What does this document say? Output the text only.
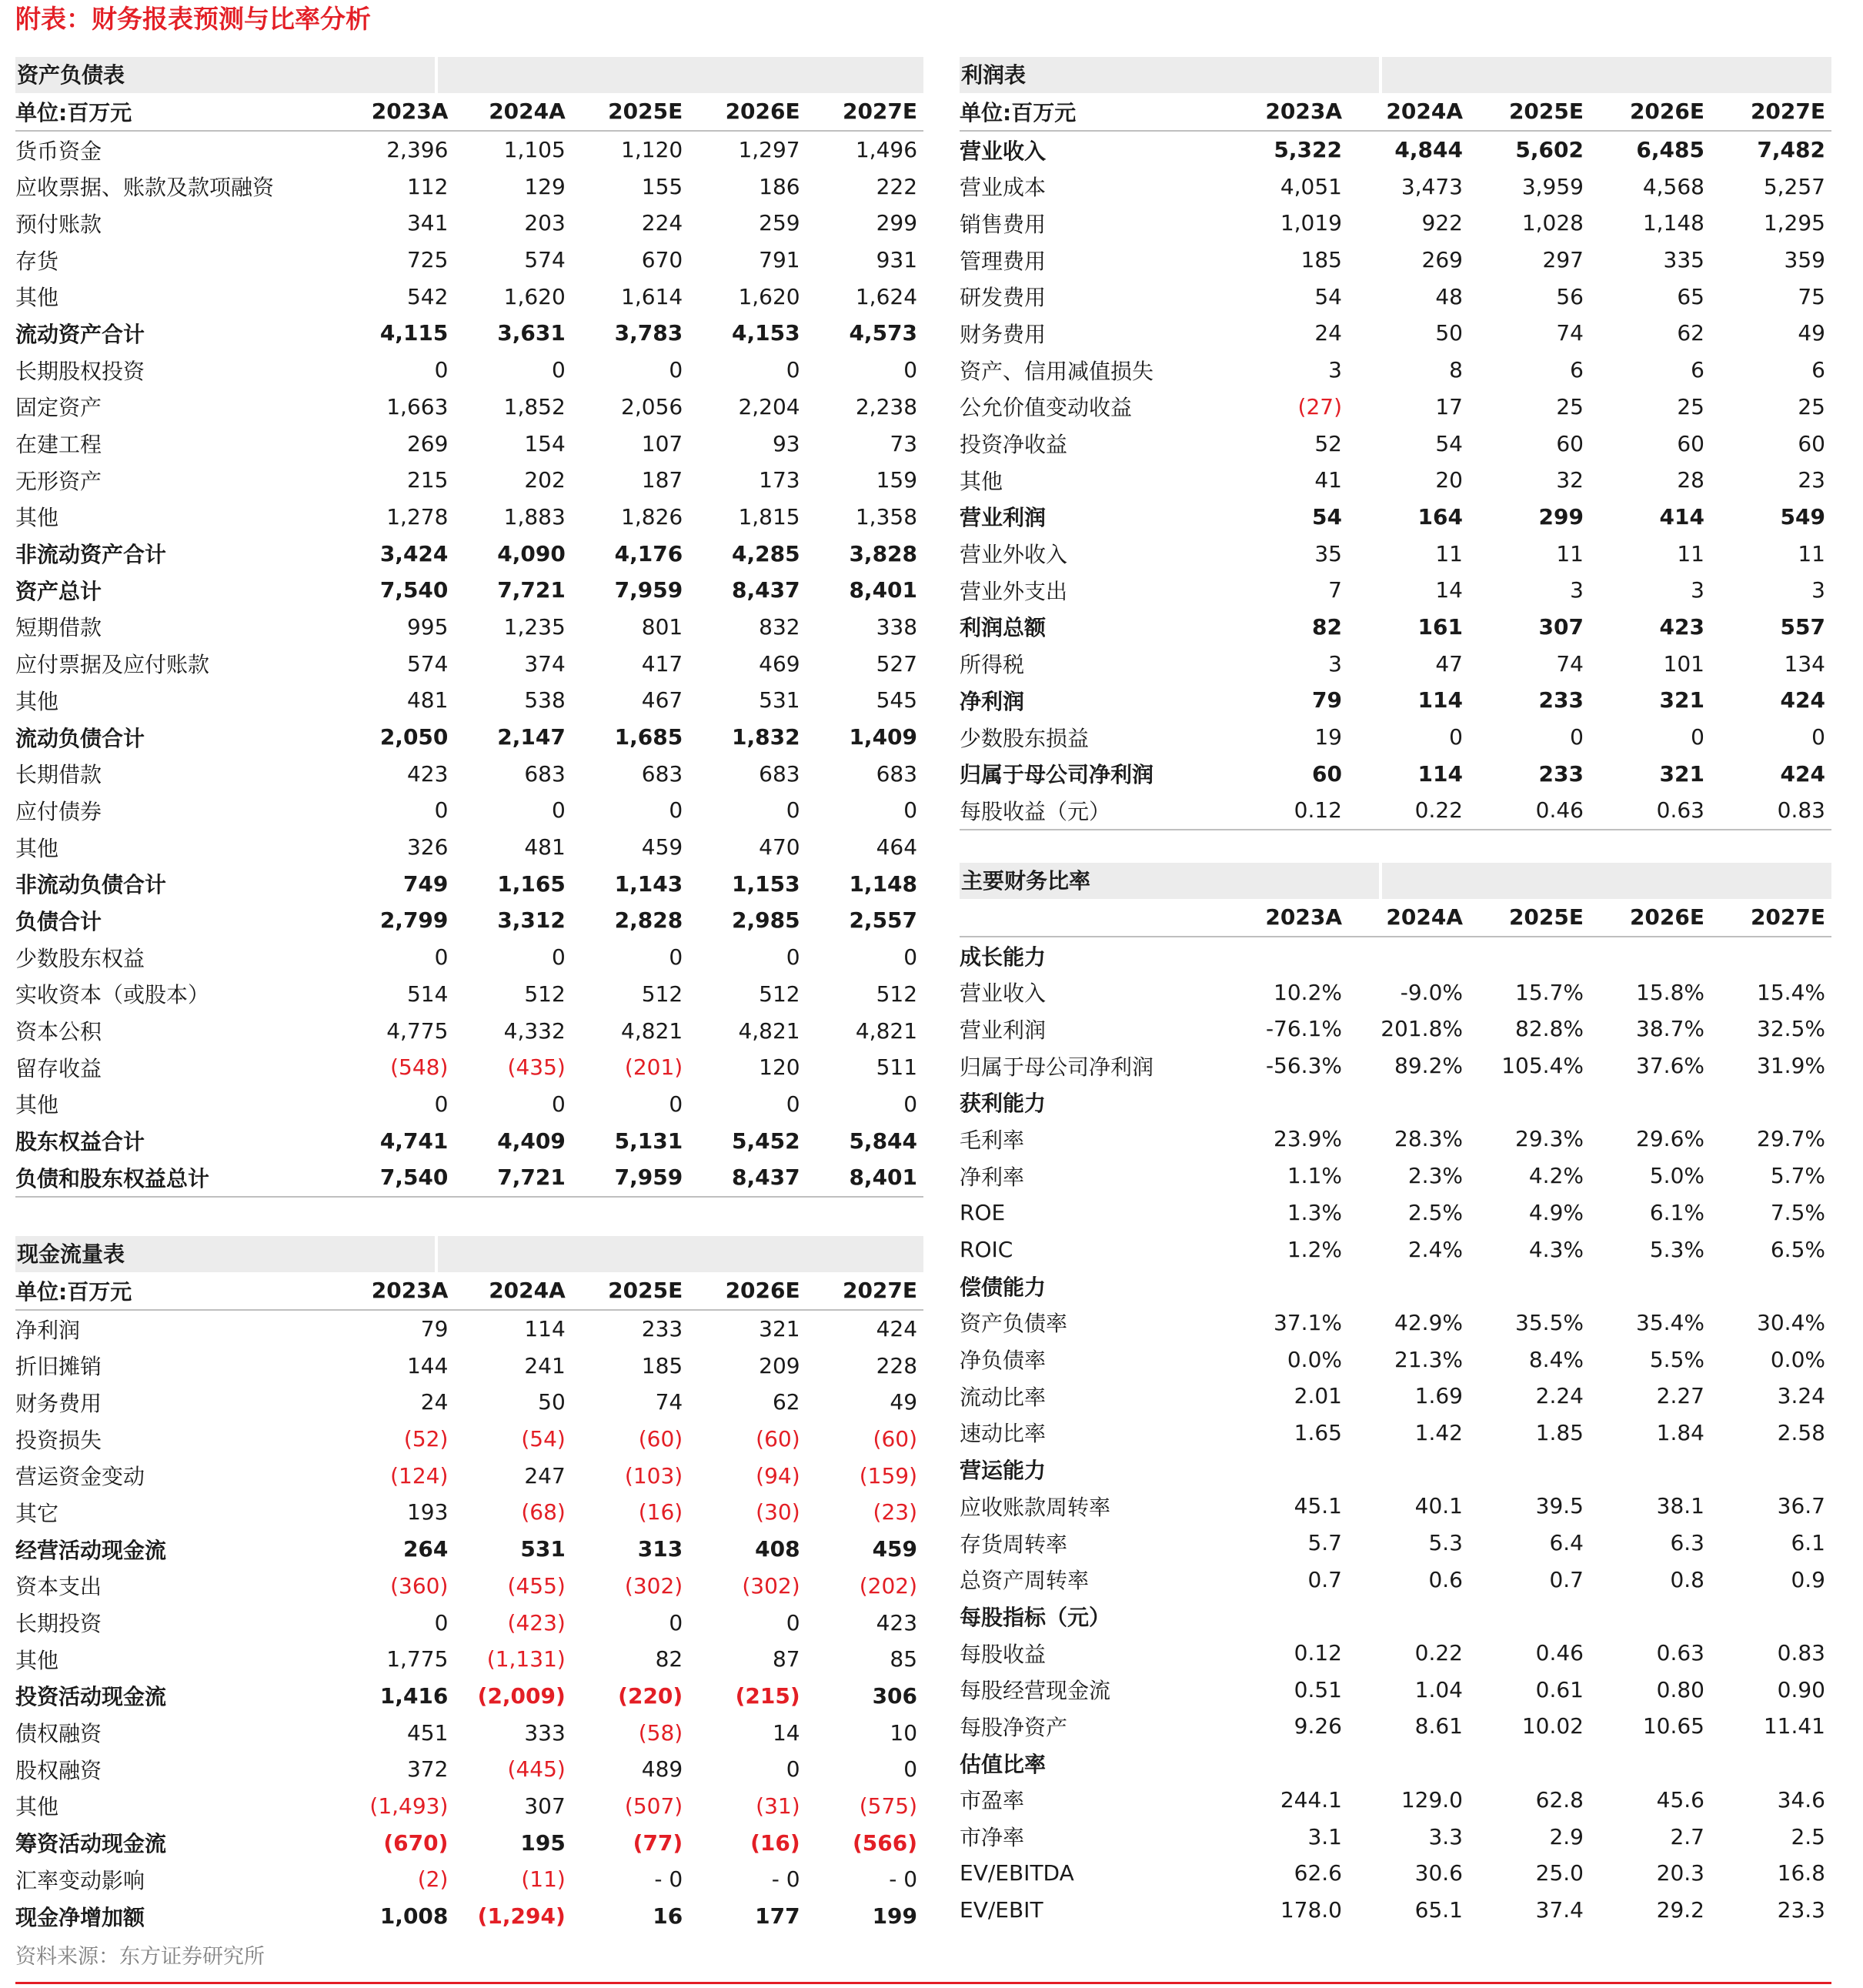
附表：财务报表预测与比率分析
资产负债表
单位:百万元	2023A	2024A	2025E	2026E	2027E
货币资金	2,396	1,105	1,120	1,297	1,496
应收票据、账款及款项融资	112	129	155	186	222
预付账款	341	203	224	259	299
存货	725	574	670	791	931
其他	542	1,620	1,614	1,620	1,624
流动资产合计	4,115	3,631	3,783	4,153	4,573
长期股权投资	0	0	0	0	0
固定资产	1,663	1,852	2,056	2,204	2,238
在建工程	269	154	107	93	73
无形资产	215	202	187	173	159
其他	1,278	1,883	1,826	1,815	1,358
非流动资产合计	3,424	4,090	4,176	4,285	3,828
资产总计	7,540	7,721	7,959	8,437	8,401
短期借款	995	1,235	801	832	338
应付票据及应付账款	574	374	417	469	527
其他	481	538	467	531	545
流动负债合计	2,050	2,147	1,685	1,832	1,409
长期借款	423	683	683	683	683
应付债券	0	0	0	0	0
其他	326	481	459	470	464
非流动负债合计	749	1,165	1,143	1,153	1,148
负债合计	2,799	3,312	2,828	2,985	2,557
少数股东权益	0	0	0	0	0
实收资本（或股本）	514	512	512	512	512
资本公积	4,775	4,332	4,821	4,821	4,821
留存收益	(548)	(435)	(201)	120	511
其他	0	0	0	0	0
股东权益合计	4,741	4,409	5,131	5,452	5,844
负债和股东权益总计	7,540	7,721	7,959	8,437	8,401
现金流量表
单位:百万元	2023A	2024A	2025E	2026E	2027E
净利润	79	114	233	321	424
折旧摊销	144	241	185	209	228
财务费用	24	50	74	62	49
投资损失	(52)	(54)	(60)	(60)	(60)
营运资金变动	(124)	247	(103)	(94)	(159)
其它	193	(68)	(16)	(30)	(23)
经营活动现金流	264	531	313	408	459
资本支出	(360)	(455)	(302)	(302)	(202)
长期投资	0	(423)	0	0	423
其他	1,775	(1,131)	82	87	85
投资活动现金流	1,416	(2,009)	(220)	(215)	306
债权融资	451	333	(58)	14	10
股权融资	372	(445)	489	0	0
其他	(1,493)	307	(507)	(31)	(575)
筹资活动现金流	(670)	195	(77)	(16)	(566)
汇率变动影响	(2)	(11)	- 0	- 0	- 0
现金净增加额	1,008	(1,294)	16	177	199
利润表
单位:百万元	2023A	2024A	2025E	2026E	2027E
营业收入	5,322	4,844	5,602	6,485	7,482
营业成本	4,051	3,473	3,959	4,568	5,257
销售费用	1,019	922	1,028	1,148	1,295
管理费用	185	269	297	335	359
研发费用	54	48	56	65	75
财务费用	24	50	74	62	49
资产、信用减值损失	3	8	6	6	6
公允价值变动收益	(27)	17	25	25	25
投资净收益	52	54	60	60	60
其他	41	20	32	28	23
营业利润	54	164	299	414	549
营业外收入	35	11	11	11	11
营业外支出	7	14	3	3	3
利润总额	82	161	307	423	557
所得税	3	47	74	101	134
净利润	79	114	233	321	424
少数股东损益	19	0	0	0	0
归属于母公司净利润	60	114	233	321	424
每股收益（元）	0.12	0.22	0.46	0.63	0.83
主要财务比率
2023A	2024A	2025E	2026E	2027E
成长能力
营业收入	10.2%	-9.0%	15.7%	15.8%	15.4%
营业利润	-76.1%	201.8%	82.8%	38.7%	32.5%
归属于母公司净利润	-56.3%	89.2%	105.4%	37.6%	31.9%
获利能力
毛利率	23.9%	28.3%	29.3%	29.6%	29.7%
净利率	1.1%	2.3%	4.2%	5.0%	5.7%
ROE	1.3%	2.5%	4.9%	6.1%	7.5%
ROIC	1.2%	2.4%	4.3%	5.3%	6.5%
偿债能力
资产负债率	37.1%	42.9%	35.5%	35.4%	30.4%
净负债率	0.0%	21.3%	8.4%	5.5%	0.0%
流动比率	2.01	1.69	2.24	2.27	3.24
速动比率	1.65	1.42	1.85	1.84	2.58
营运能力
应收账款周转率	45.1	40.1	39.5	38.1	36.7
存货周转率	5.7	5.3	6.4	6.3	6.1
总资产周转率	0.7	0.6	0.7	0.8	0.9
每股指标（元）
每股收益	0.12	0.22	0.46	0.63	0.83
每股经营现金流	0.51	1.04	0.61	0.80	0.90
每股净资产	9.26	8.61	10.02	10.65	11.41
估值比率
市盈率	244.1	129.0	62.8	45.6	34.6
市净率	3.1	3.3	2.9	2.7	2.5
EV/EBITDA	62.6	30.6	25.0	20.3	16.8
EV/EBIT	178.0	65.1	37.4	29.2	23.3
资料来源：东方证券研究所
